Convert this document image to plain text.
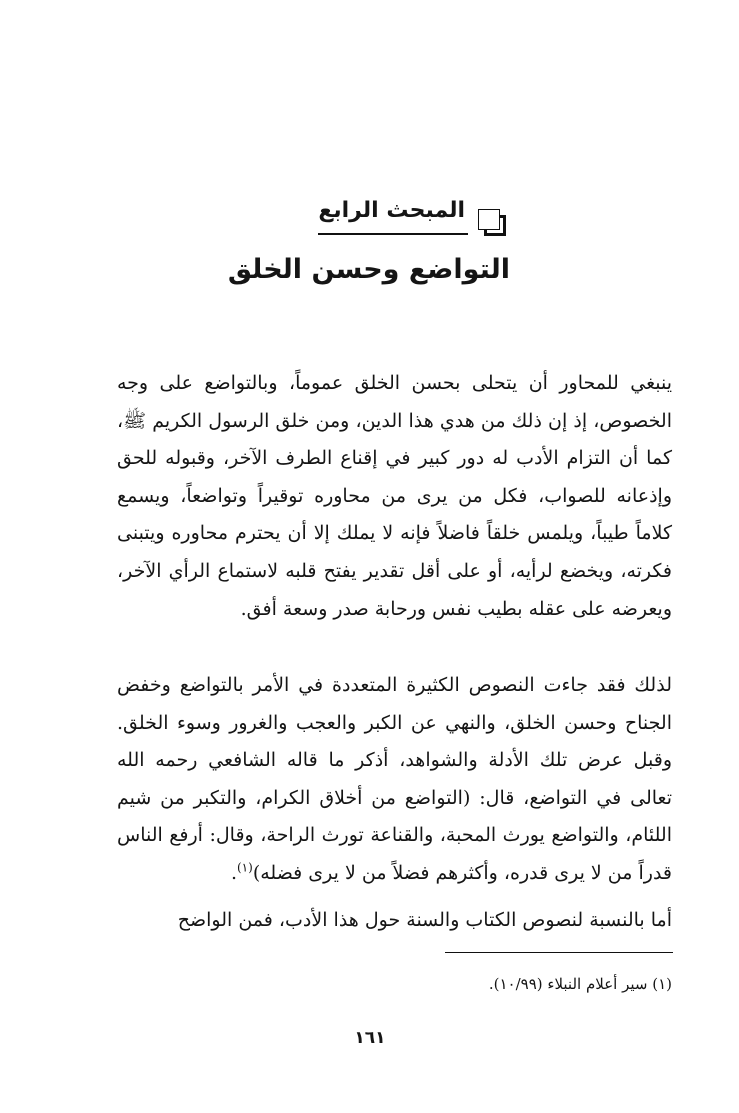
المبحث الرابع
التواضع وحسن الخلق
ينبغي للمحاور أن يتحلى بحسن الخلق عموماً، وبالتواضع على وجه الخصوص، إذ إن ذلك من هدي هذا الدين، ومن خلق الرسول الكريم ﷺ، كما أن التزام الأدب له دور كبير في إقناع الطرف الآخر، وقبوله للحق وإذعانه للصواب، فكل من يرى من محاوره توقيراً وتواضعاً، ويسمع كلاماً طيباً، ويلمس خلقاً فاضلاً فإنه لا يملك إلا أن يحترم محاوره ويتبنى فكرته، ويخضع لرأيه، أو على أقل تقدير يفتح قلبه لاستماع الرأي الآخر، ويعرضه على عقله بطيب نفس ورحابة صدر وسعة أفق.
لذلك فقد جاءت النصوص الكثيرة المتعددة في الأمر بالتواضع وخفض الجناح وحسن الخلق، والنهي عن الكبر والعجب والغرور وسوء الخلق. وقبل عرض تلك الأدلة والشواهد، أذكر ما قاله الشافعي رحمه الله تعالى في التواضع، قال: (التواضع من أخلاق الكرام، والتكبر من شيم اللئام، والتواضع يورث المحبة، والقناعة تورث الراحة، وقال: أرفع الناس قدراً من لا يرى قدره، وأكثرهم فضلاً من لا يرى فضله)$^{(١)}$.
أما بالنسبة لنصوص الكتاب والسنة حول هذا الأدب، فمن الواضح
(١) سير أعلام النبلاء (١٠/٩٩).
١٦١
